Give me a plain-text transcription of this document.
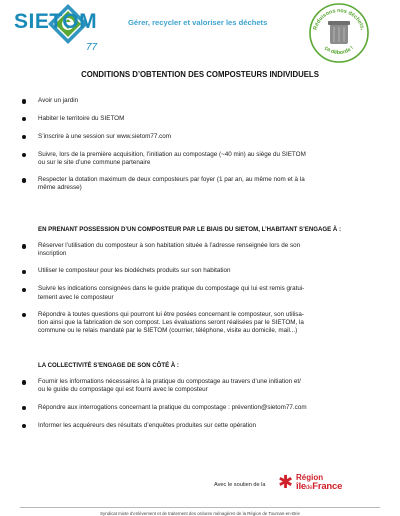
SIETOM
77
Gérer, recycler et valoriser les déchets
Réduisons nos déchets,
ça déborde !
CONDITIONS D’OBTENTION DES COMPOSTEURS INDIVIDUELS
Avoir un jardin
Habiter le territoire du SIETOM
S’inscrire à une session sur www.sietom77.com
Suivre, lors de la première acquisition, l’initiation au compostage (~40 min) au siège du SIETOM
ou sur le site d’une commune partenaire
Respecter la dotation maximum de deux composteurs par foyer (1 par an, au même nom et à la
même adresse)
EN PRENANT POSSESSION D’UN COMPOSTEUR PAR LE BIAIS DU SIETOM, L’HABITANT S’ENGAGE À :
Réserver l’utilisation du composteur à son habitation située à l’adresse renseignée lors de son
inscription
Utiliser le composteur pour les biodéchets produits sur son habitation
Suivre les indications consignées dans le guide pratique du compostage qui lui est remis gratui-
tement avec le composteur
Répondre à toutes questions qui pourront lui être posées concernant le composteur, son utilisa-
tion ainsi que la fabrication de son compost. Les évaluations seront réalisées par le SIETOM, la
commune ou le relais mandaté par le SIETOM (courrier, téléphone, visite au domicile, mail...)
LA COLLECTIVITÉ S’ENGAGE DE SON CÔTÉ À :
Fournir les informations nécessaires à la pratique du compostage au travers d’une initiation et/
ou le guide du compostage qui est fourni avec le composteur
Répondre aux interrogations concernant la pratique du compostage : prévention@sietom77.com
Informer les acquéreurs des résultats d’enquêtes produites sur cette opération
Avec le soutien de la ✱ Région
îledeFrance
Syndicat mixte d’enlèvement et de traitement des ordures ménagères de la Région de Tournan-en-Brie
